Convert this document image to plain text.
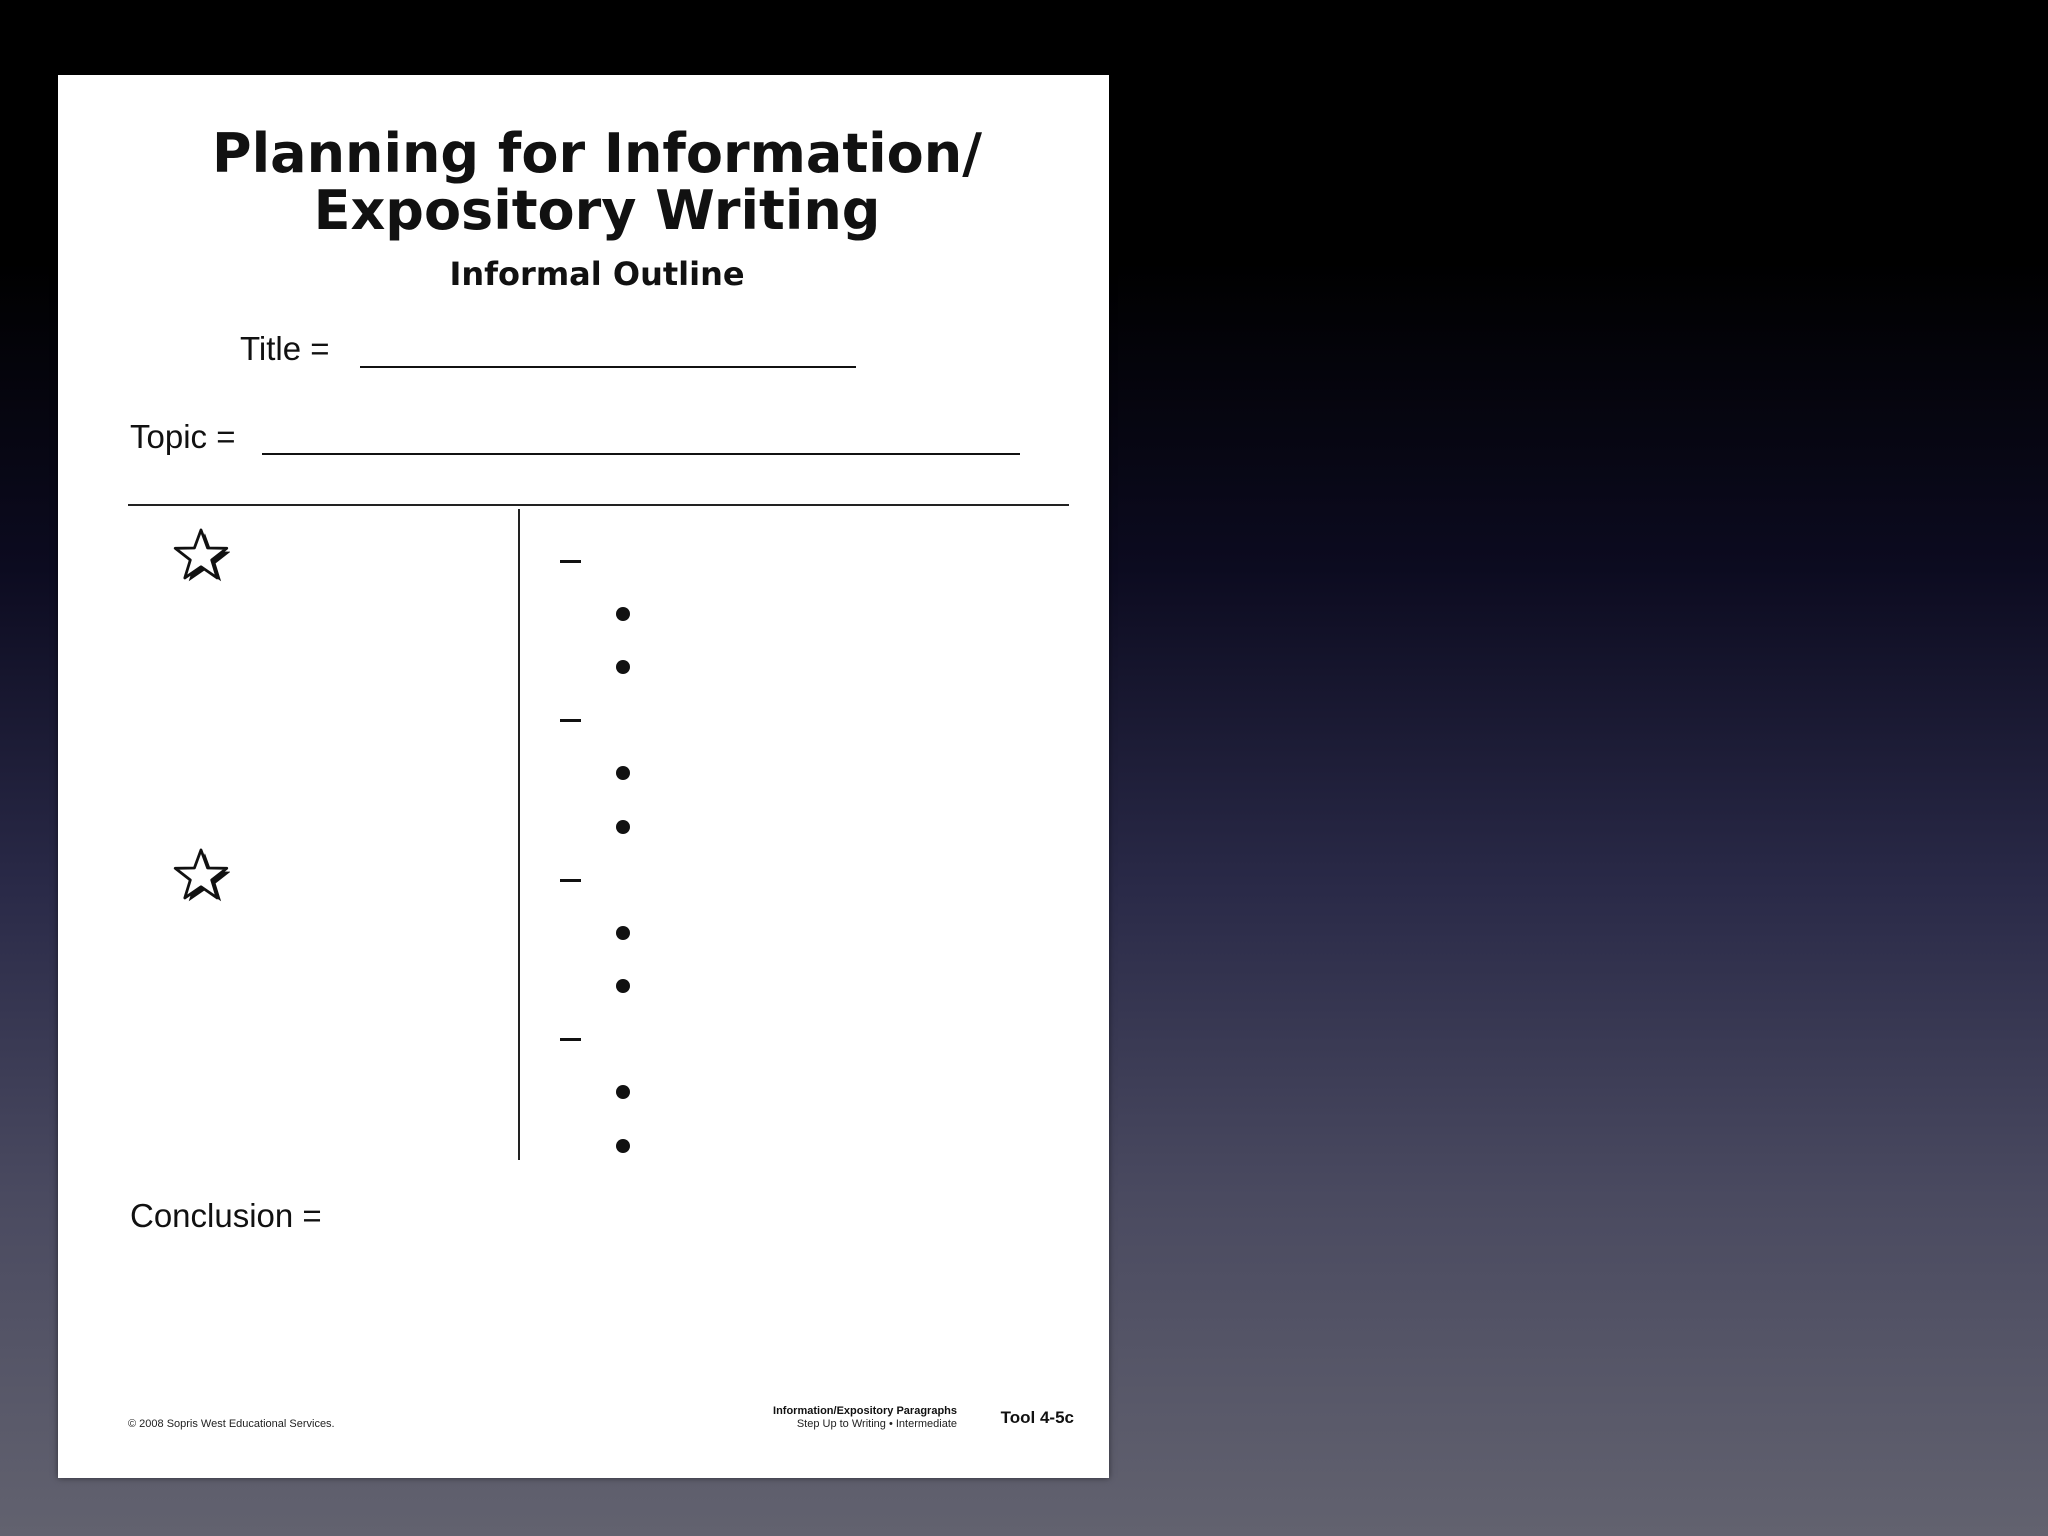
Planning for Information/
Expository Writing
Informal Outline
Title =
Topic =
Conclusion =
© 2008 Sopris West Educational Services.
Information/Expository Paragraphs
Step Up to Writing • Intermediate	Tool 4-5c
